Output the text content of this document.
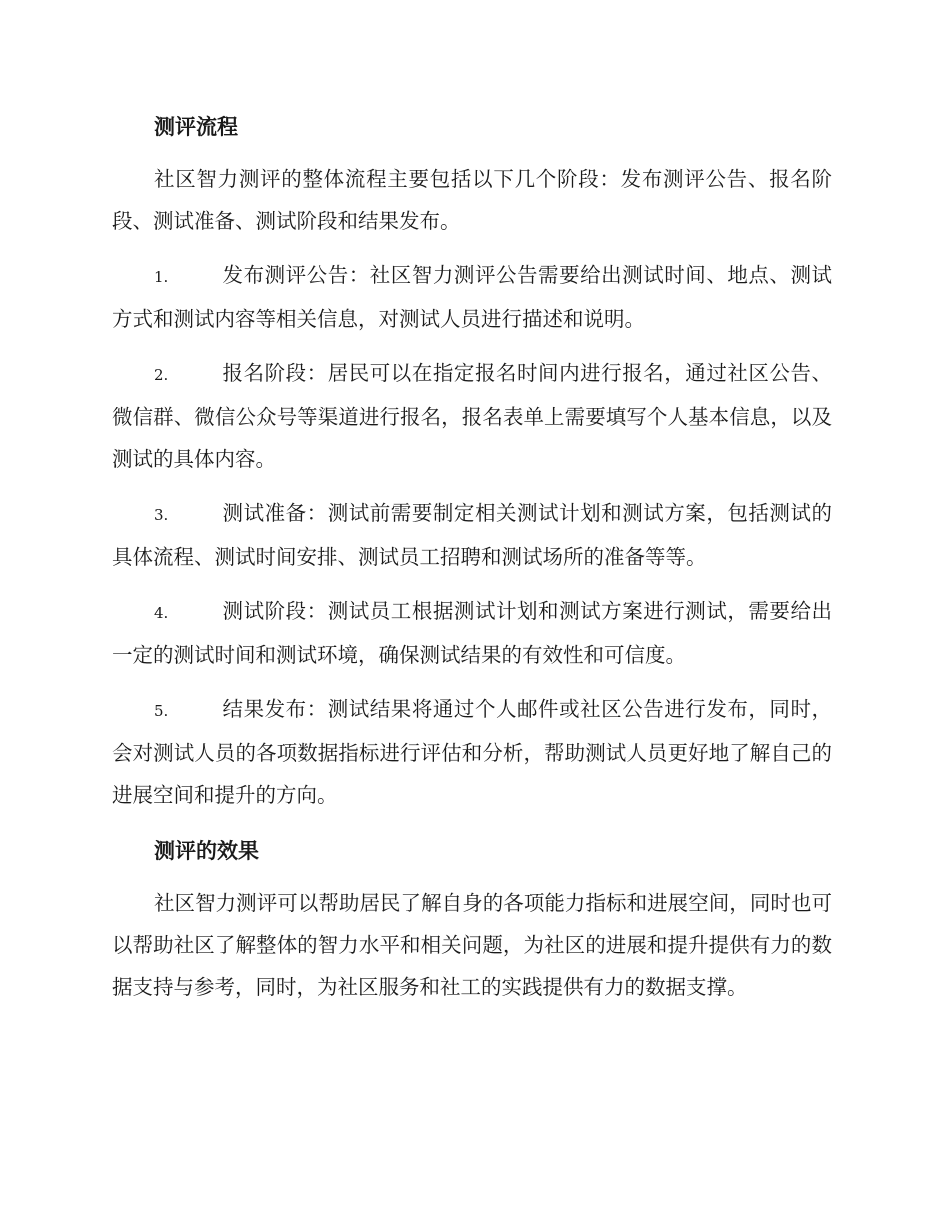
测评流程

社区智力测评的整体流程主要包括以下几个阶段：发布测评公告、报名阶段、测试准备、测试阶段和结果发布。

1.	发布测评公告：社区智力测评公告需要给出测试时间、地点、测试方式和测试内容等相关信息，对测试人员进行描述和说明。

2.	报名阶段：居民可以在指定报名时间内进行报名，通过社区公告、微信群、微信公众号等渠道进行报名，报名表单上需要填写个人基本信息，以及测试的具体内容。

3.	测试准备：测试前需要制定相关测试计划和测试方案，包括测试的具体流程、测试时间安排、测试员工招聘和测试场所的准备等等。

4.	测试阶段：测试员工根据测试计划和测试方案进行测试，需要给出一定的测试时间和测试环境，确保测试结果的有效性和可信度。

5.	结果发布：测试结果将通过个人邮件或社区公告进行发布，同时，会对测试人员的各项数据指标进行评估和分析，帮助测试人员更好地了解自己的进展空间和提升的方向。

测评的效果

社区智力测评可以帮助居民了解自身的各项能力指标和进展空间，同时也可以帮助社区了解整体的智力水平和相关问题，为社区的进展和提升提供有力的数据支持与参考，同时，为社区服务和社工的实践提供有力的数据支撑。
